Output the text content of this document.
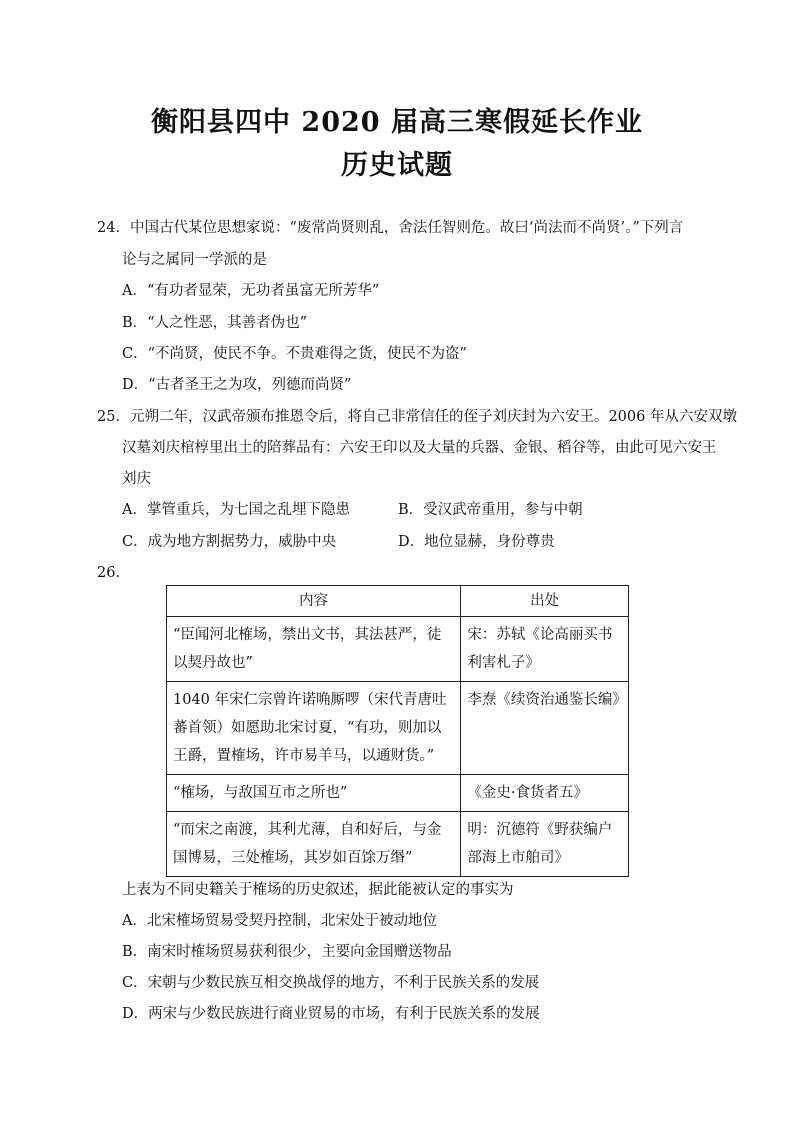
衡阳县四中 2020 届高三寒假延长作业
历史试题
24．中国古代某位思想家说：“废常尚贤则乱，舍法任智则危。故曰‘尚法而不尚贤’。”下列言
论与之属同一学派的是
A．“有功者显荣，无功者虽富无所芳华”
B．“人之性恶，其善者伪也”
C．“不尚贤，使民不争。不贵难得之货，使民不为盗”
D．“古者圣王之为攻，列德而尚贤”
25．元朔二年，汉武帝颁布推恩令后，将自己非常信任的侄子刘庆封为六安王。2006 年从六安双墩
汉墓刘庆棺椁里出土的陪葬品有：六安王印以及大量的兵器、金银、稻谷等，由此可见六安王
刘庆
A．掌管重兵，为七国之乱埋下隐患	B．受汉武帝重用，参与中朝
C．成为地方割据势力，威胁中央	D．地位显赫，身份尊贵
26．
内容	出处
“臣闻河北榷场，禁出文书，其法甚严，徒以契丹故也”	宋：苏轼《论高丽买书利害札子》
1040 年宋仁宗曾许诺唃厮啰（宋代青唐吐蕃首领）如愿助北宋讨夏，“有功，则加以王爵，置榷场，许市易羊马，以通财货。”	李焘《续资治通鉴长编》
“榷场，与敌国互市之所也”	《金史·食货者五》
“而宋之南渡，其利尤薄，自和好后，与金国博易，三处榷场，其岁如百馀万缗”	明：沉德符《野获编户部海上市舶司》
上表为不同史籍关于榷场的历史叙述，据此能被认定的事实为
A．北宋榷场贸易受契丹控制，北宋处于被动地位
B．南宋时榷场贸易获利很少，主要向金国赠送物品
C．宋朝与少数民族互相交换战俘的地方，不利于民族关系的发展
D．两宋与少数民族进行商业贸易的市场，有利于民族关系的发展
